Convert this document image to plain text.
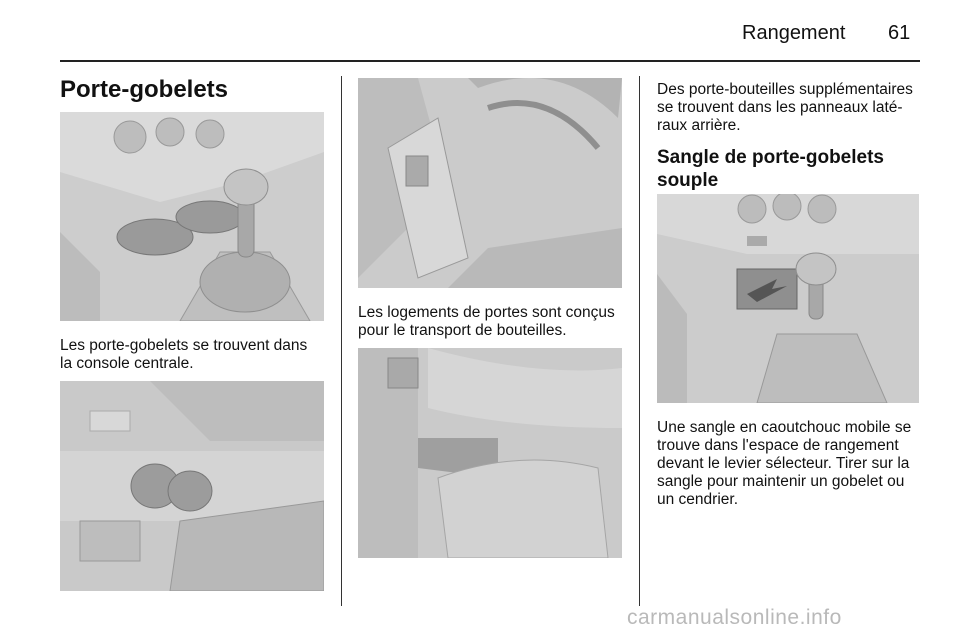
Rangement 61
Porte-gobelets
Les porte-gobelets se trouvent dans
la console centrale.
Les logements de portes sont conçus
pour le transport de bouteilles.
Des porte-bouteilles supplémentaires
se trouvent dans les panneaux laté-
raux arrière.
Sangle de porte-gobelets
souple
Une sangle en caoutchouc mobile se
trouve dans l'espace de rangement
devant le levier sélecteur. Tirer sur la
sangle pour maintenir un gobelet ou
un cendrier.
carmanualsonline.info
